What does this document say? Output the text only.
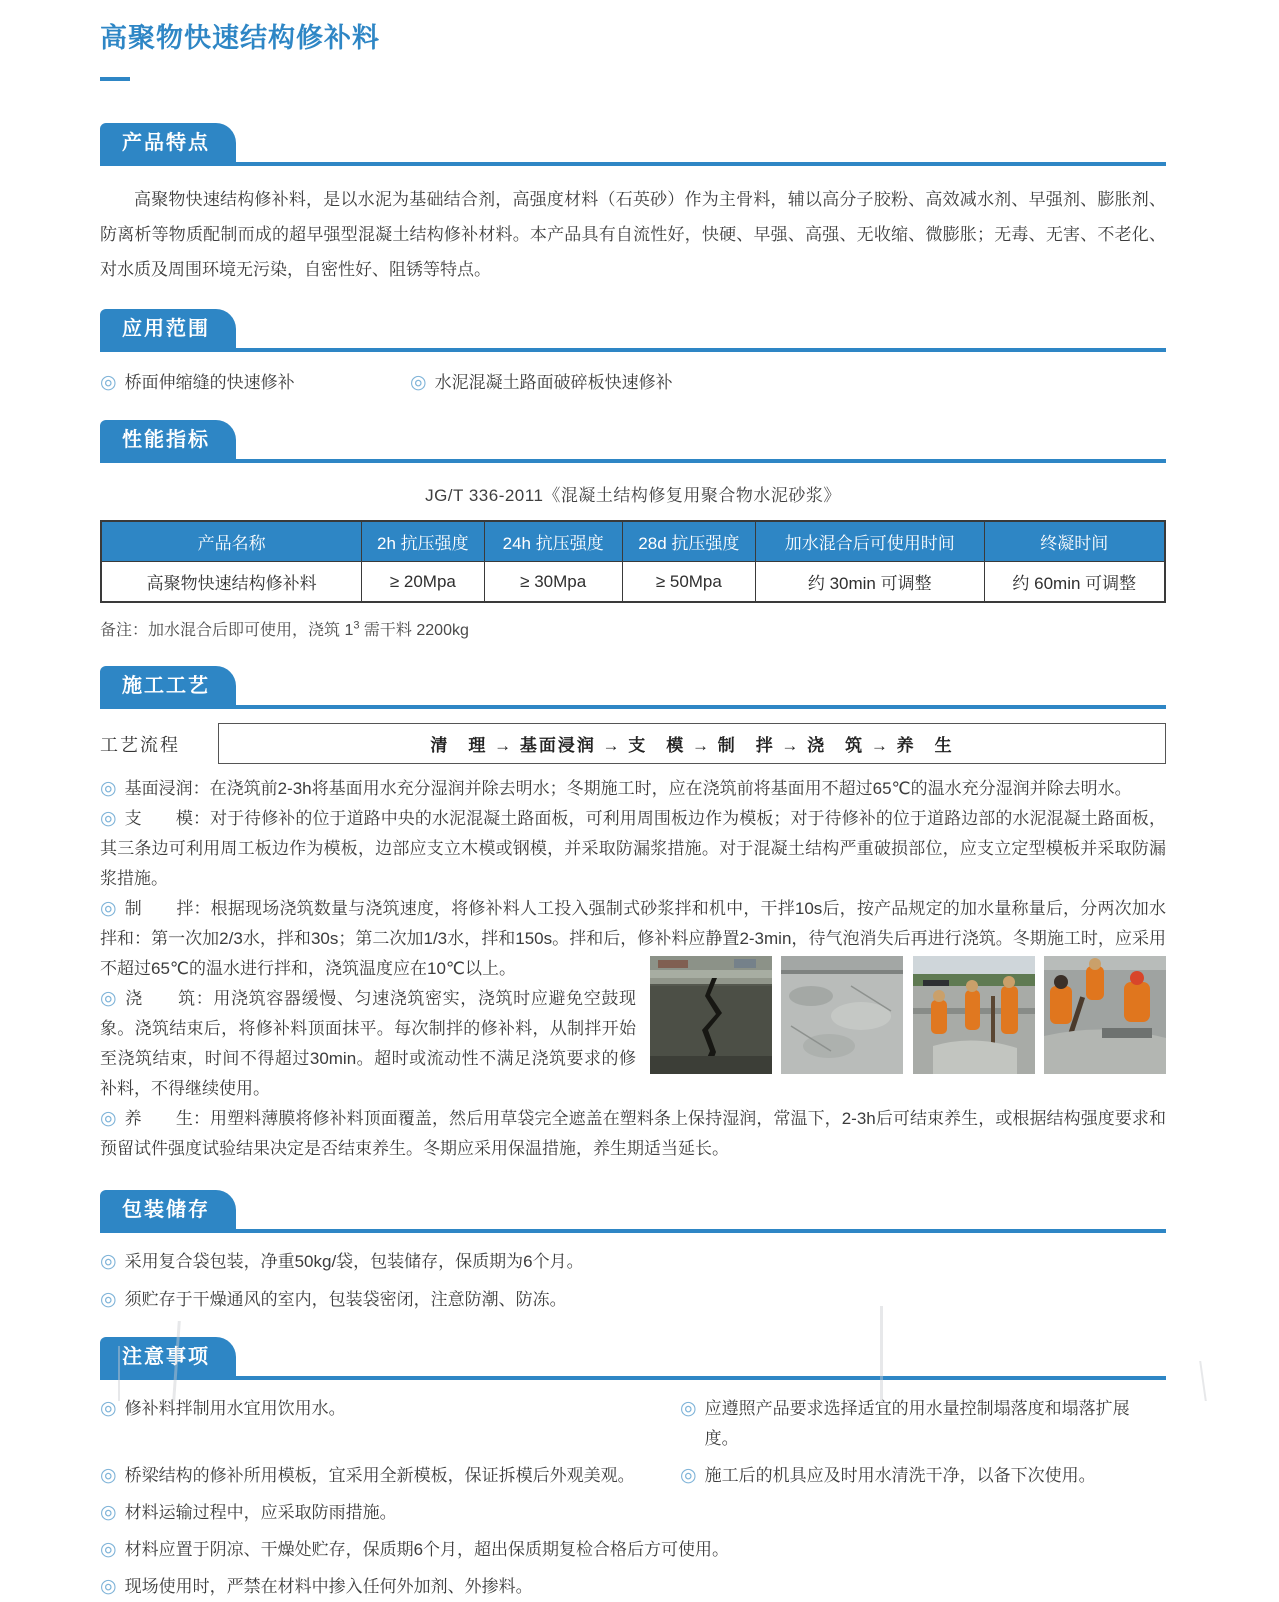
高聚物快速结构修补料
产品特点

高聚物快速结构修补料，是以水泥为基础结合剂，高强度材料（石英砂）作为主骨料，辅以高分子胶粉、高效减水剂、早强剂、膨胀剂、防离析等物质配制而成的超早强型混凝土结构修补材料。本产品具有自流性好，快硬、早强、高强、无收缩、微膨胀；无毒、无害、不老化、对水质及周围环境无污染，自密性好、阻锈等特点。

应用范围
◎ 桥面伸缩缝的快速修补	◎ 水泥混凝土路面破碎板快速修补
性能指标
JG/T 336-2011《混凝土结构修复用聚合物水泥砂浆》
产品名称	2h 抗压强度	24h 抗压强度	28d 抗压强度	加水混合后可使用时间	终凝时间
高聚物快速结构修补料	≥ 20Mpa	≥ 30Mpa	≥ 50Mpa	约 30min 可调整	约 60min 可调整
备注：加水混合后即可使用，浇筑 $1^3$ 需干料 2200kg
施工工艺
工艺流程	清　理 → 基面浸润 → 支　模 → 制　拌 → 浇　筑 → 养　生

◎ 基面浸润：在浇筑前2-3h将基面用水充分湿润并除去明水；冬期施工时，应在浇筑前将基面用不超过65℃的温水充分湿润并除去明水。

◎ 支　　模：对于待修补的位于道路中央的水泥混凝土路面板，可利用周围板边作为模板；对于待修补的位于道路边部的水泥混凝土路面板，其三条边可利用周工板边作为模板，边部应支立木模或钢模，并采取防漏浆措施。对于混凝土结构严重破损部位，应支立定型模板并采取防漏浆措施。

◎ 制　　拌：根据现场浇筑数量与浇筑速度，将修补料人工投入强制式砂浆拌和机中，干拌10s后，按产品规定的加水量称量后，分两次加水拌和：第一次加2/3水，拌和30s；第二次加1/3水，拌和150s。拌和后，修补料应静置2-3min，待气泡消失后再进行浇筑。冬期施工时，应采用不超过65℃的温水进行拌和，浇筑温度应在10℃以上。

◎ 浇　　筑：用浇筑容器缓慢、匀速浇筑密实，浇筑时应避免空鼓现象。浇筑结束后，将修补料顶面抹平。每次制拌的修补料，从制拌开始至浇筑结束，时间不得超过30min。超时或流动性不满足浇筑要求的修补料，不得继续使用。

◎ 养　　生：用塑料薄膜将修补料顶面覆盖，然后用草袋完全遮盖在塑料条上保持湿润，常温下，2-3h后可结束养生，或根据结构强度要求和预留试件强度试验结果决定是否结束养生。冬期应采用保温措施，养生期适当延长。

包装储存
◎ 采用复合袋包装，净重50kg/袋，包装储存，保质期为6个月。
◎ 须贮存于干燥通风的室内，包装袋密闭，注意防潮、防冻。
注意事项
◎ 修补料拌制用水宜用饮用水。	◎ 应遵照产品要求选择适宜的用水量控制塌落度和塌落扩展度。
◎ 桥梁结构的修补所用模板，宜采用全新模板，保证拆模后外观美观。 ◎ 施工后的机具应及时用水清洗干净，以备下次使用。
◎ 材料运输过程中，应采取防雨措施。
◎ 材料应置于阴凉、干燥处贮存，保质期6个月，超出保质期复检合格后方可使用。
◎ 现场使用时，严禁在材料中掺入任何外加剂、外掺料。
